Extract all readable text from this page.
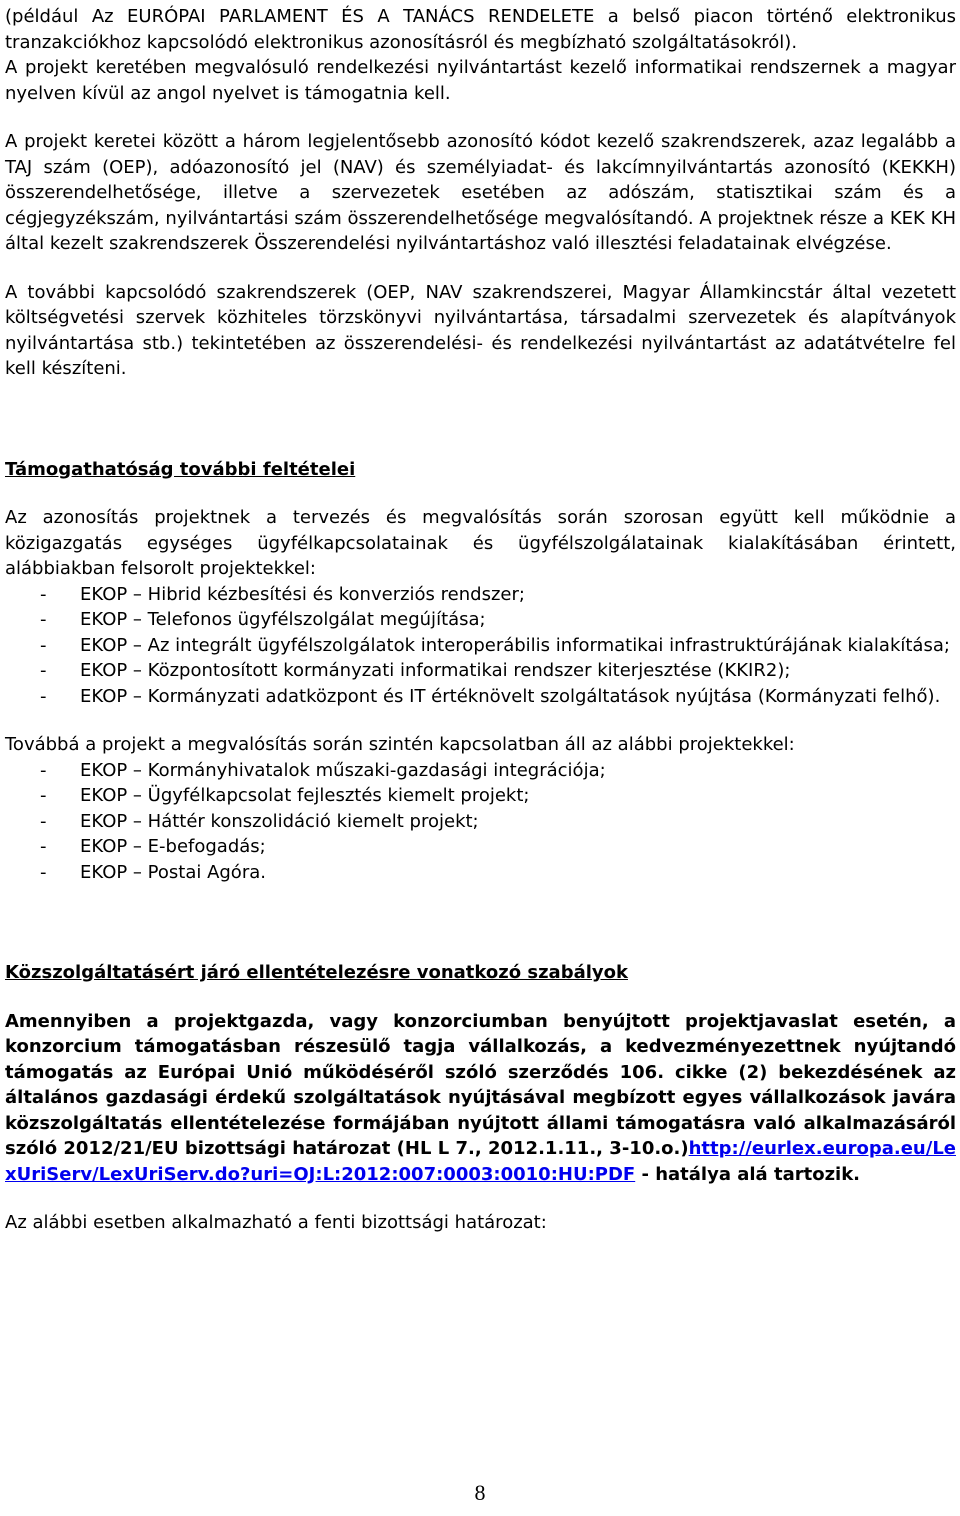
(például Az EURÓPAI PARLAMENT ÉS A TANÁCS RENDELETE a belső piacon történő elektronikus tranzakciókhoz kapcsolódó elektronikus azonosításról és megbízható szolgáltatásokról).

A projekt keretében megvalósuló rendelkezési nyilvántartást kezelő informatikai rendszernek a magyar nyelven kívül az angol nyelvet is támogatnia kell.

A projekt keretei között a három legjelentősebb azonosító kódot kezelő szakrendszerek, azaz legalább a TAJ szám (OEP), adóazonosító jel (NAV) és személyiadat- és lakcímnyilvántartás azonosító (KEKKH) összerendelhetősége, illetve a szervezetek esetében az adószám, statisztikai szám és a cégjegyzékszám, nyilvántartási szám összerendelhetősége megvalósítandó. A projektnek része a KEK KH által kezelt szakrendszerek Összerendelési nyilvántartáshoz való illesztési feladatainak elvégzése.

A további kapcsolódó szakrendszerek (OEP, NAV szakrendszerei, Magyar Államkincstár által vezetett költségvetési szervek közhiteles törzskönyvi nyilvántartása, társadalmi szervezetek és alapítványok nyilvántartása stb.) tekintetében az összerendelési- és rendelkezési nyilvántartást az adatátvételre fel kell készíteni.

Támogathatóság további feltételei

Az azonosítás projektnek a tervezés és megvalósítás során szorosan együtt kell működnie a közigazgatás egységes ügyfélkapcsolatainak és ügyfélszolgálatainak kialakításában érintett, alábbiakban felsorolt projektekkel:

- EKOP – Hibrid kézbesítési és konverziós rendszer;
- EKOP – Telefonos ügyfélszolgálat megújítása;
- EKOP – Az integrált ügyfélszolgálatok interoperábilis informatikai infrastruktúrájának kialakítása;
- EKOP – Központosított kormányzati informatikai rendszer kiterjesztése (KKIR2);
- EKOP – Kormányzati adatközpont és IT értéknövelt szolgáltatások nyújtása (Kormányzati felhő).

Továbbá a projekt a megvalósítás során szintén kapcsolatban áll az alábbi projektekkel:

- EKOP – Kormányhivatalok műszaki-gazdasági integrációja;
- EKOP – Ügyfélkapcsolat fejlesztés kiemelt projekt;
- EKOP – Háttér konszolidáció kiemelt projekt;
- EKOP – E-befogadás;
- EKOP – Postai Agóra.
Közszolgáltatásért járó ellentételezésre vonatkozó szabályok

Amennyiben a projektgazda, vagy konzorciumban benyújtott projektjavaslat esetén, a konzorcium támogatásban részesülő tagja vállalkozás, a kedvezményezettnek nyújtandó támogatás az Európai Unió működéséről szóló szerződés 106. cikke (2) bekezdésének az általános gazdasági érdekű szolgáltatások nyújtásával megbízott egyes vállalkozások javára közszolgáltatás ellentételezése formájában nyújtott állami támogatásra való alkalmazásáról szóló 2012/21/EU bizottsági határozat (HL L 7., 2012.1.11., 3-10.o.)http://eurlex.europa.eu/LexUriServ/LexUriServ.do?uri=OJ:L:2012:007:0003:0010:HU:PDF - hatálya alá tartozik.

Az alábbi esetben alkalmazható a fenti bizottsági határozat:

8
